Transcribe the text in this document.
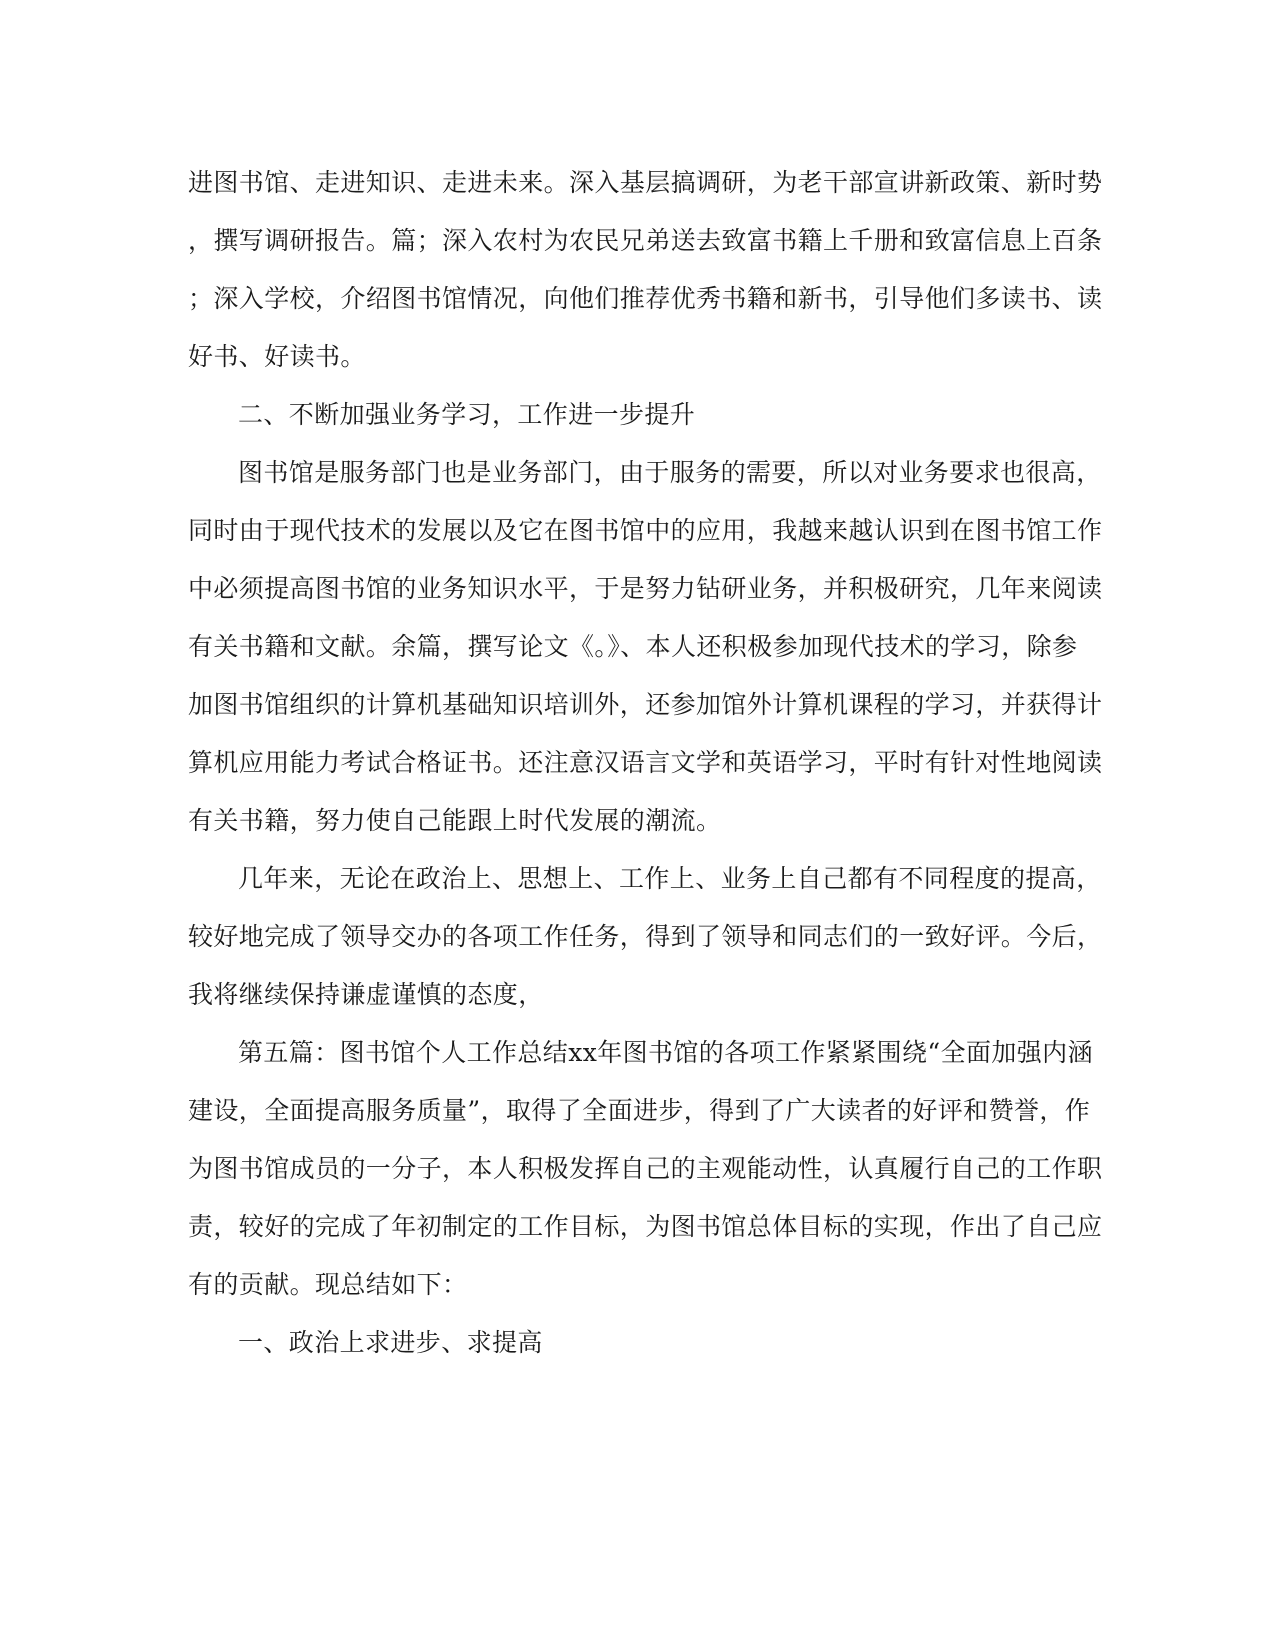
进图书馆、走进知识、走进未来。深入基层搞调研，为老干部宣讲新政策、新时势
，撰写调研报告。篇；深入农村为农民兄弟送去致富书籍上千册和致富信息上百条
；深入学校，介绍图书馆情况，向他们推荐优秀书籍和新书，引导他们多读书、读
好书、好读书。
二、不断加强业务学习，工作进一步提升
图书馆是服务部门也是业务部门，由于服务的需要，所以对业务要求也很高，
同时由于现代技术的发展以及它在图书馆中的应用，我越来越认识到在图书馆工作
中必须提高图书馆的业务知识水平，于是努力钻研业务，并积极研究，几年来阅读
有关书籍和文献。余篇，撰写论文《。》、本人还积极参加现代技术的学习，除参
加图书馆组织的计算机基础知识培训外，还参加馆外计算机课程的学习，并获得计
算机应用能力考试合格证书。还注意汉语言文学和英语学习，平时有针对性地阅读
有关书籍，努力使自己能跟上时代发展的潮流。
几年来，无论在政治上、思想上、工作上、业务上自己都有不同程度的提高，
较好地完成了领导交办的各项工作任务，得到了领导和同志们的一致好评。今后，
我将继续保持谦虚谨慎的态度，
第五篇：图书馆个人工作总结xx年图书馆的各项工作紧紧围绕“全面加强内涵
建设，全面提高服务质量”，取得了全面进步，得到了广大读者的好评和赞誉，作
为图书馆成员的一分子，本人积极发挥自己的主观能动性，认真履行自己的工作职
责，较好的完成了年初制定的工作目标，为图书馆总体目标的实现，作出了自己应
有的贡献。现总结如下：
一、政治上求进步、求提高
